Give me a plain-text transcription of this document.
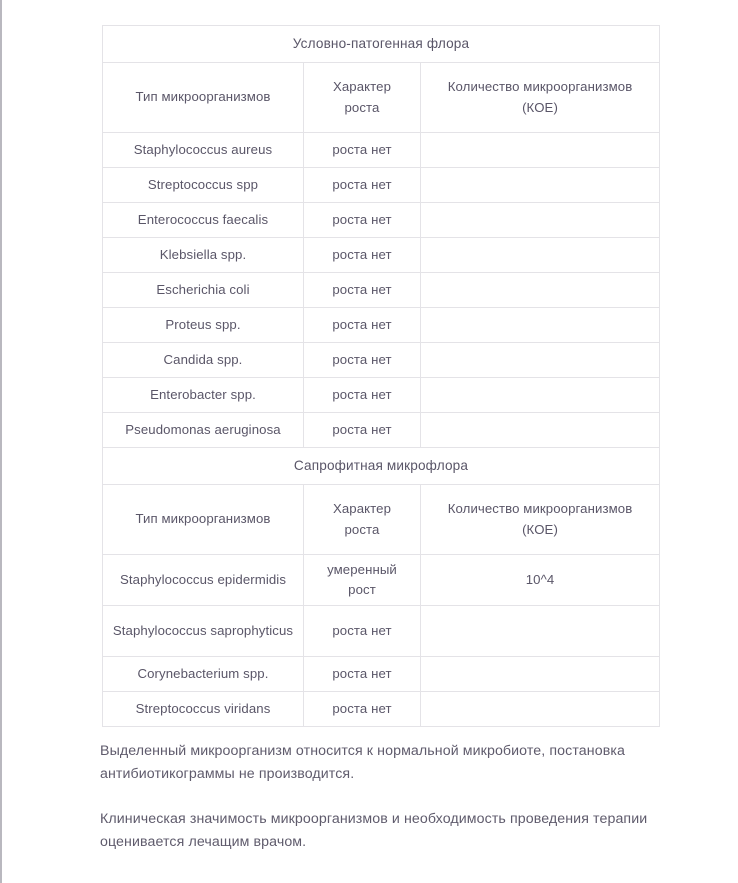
Условно-патогенная флора		
Тип микроорганизмов	Характер роста	Количество микроорганизмов
(КОЕ)
Staphylococcus aureus	роста нет	
Streptococcus spp	роста нет	
Enterococcus faecalis	роста нет	
Klebsiella spp.	роста нет	
Escherichia coli	роста нет	
Proteus spp.	роста нет	
Candida spp.	роста нет	
Enterobacter spp.	роста нет	
Pseudomonas aeruginosa	роста нет	
Сапрофитная микрофлора		
Тип микроорганизмов	Характер роста	Количество микроорганизмов
(КОЕ)
Staphylococcus epidermidis	умеренный рост	10^4
Staphylococcus saprophyticus	роста нет	
Corynebacterium spp.	роста нет	
Streptococcus viridans	роста нет	

Выделенный микроорганизм относится к нормальной микробиоте, постановка антибиотикограммы не производится.

Клиническая значимость микроорганизмов и необходимость проведения терапии оценивается лечащим врачом.
